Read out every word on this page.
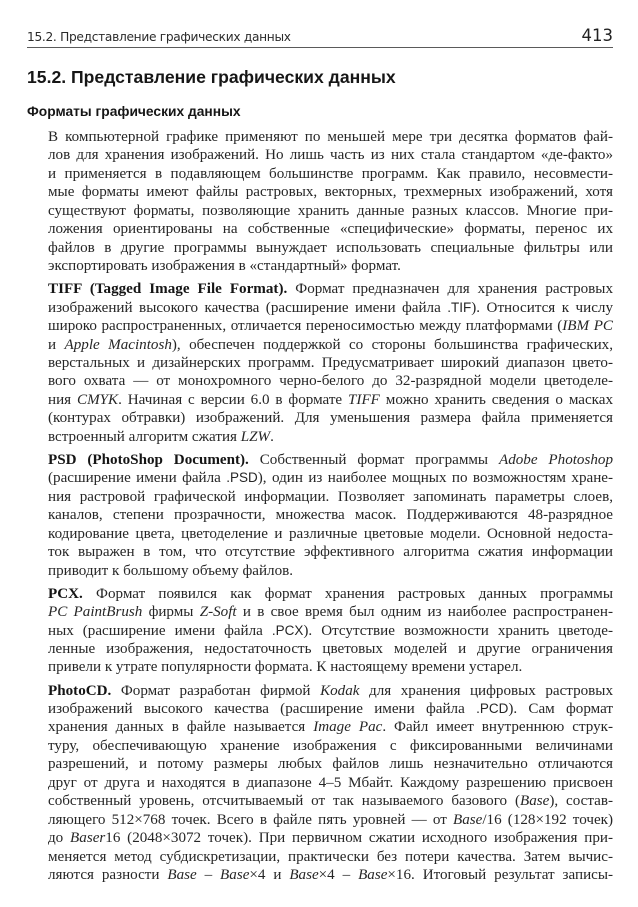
15.2. Представление графических данных	413
15.2. Представление графических данных
Форматы графических данных

В компьютерной графике применяют по меньшей мере три десятка форматов фай-
лов для хранения изображений. Но лишь часть из них стала стандартом «де-факто»
и применяется в подавляющем большинстве программ. Как правило, несовмести-
мые форматы имеют файлы растровых, векторных, трехмерных изображений, хотя
существуют форматы, позволяющие хранить данные разных классов. Многие при-
ложения ориентированы на собственные «специфические» форматы, перенос их
файлов в другие программы вынуждает использовать специальные фильтры или
экспортировать изображения в «стандартный» формат.

TIFF (Tagged Image File Format). Формат предназначен для хранения растровых
изображений высокого качества (расширение имени файла .TIF). Относится к числу
широко распространенных, отличается переносимостью между платформами (IBM PC
и Apple Macintosh), обеспечен поддержкой со стороны большинства графических,
верстальных и дизайнерских программ. Предусматривает широкий диапазон цвето-
вого охвата — от монохромного черно-белого до 32-разрядной модели цветоделе-
ния CMYK. Начиная с версии 6.0 в формате TIFF можно хранить сведения о масках
(контурах обтравки) изображений. Для уменьшения размера файла применяется
встроенный алгоритм сжатия LZW.

PSD (PhotoShop Document). Собственный формат программы Adobe Photoshop
(расширение имени файла .PSD), один из наиболее мощных по возможностям хране-
ния растровой графической информации. Позволяет запоминать параметры слоев,
каналов, степени прозрачности, множества масок. Поддерживаются 48-разрядное
кодирование цвета, цветоделение и различные цветовые модели. Основной недоста-
ток выражен в том, что отсутствие эффективного алгоритма сжатия информации
приводит к большому объему файлов.

PCX. Формат появился как формат хранения растровых данных программы
PC PaintBrush фирмы Z-Soft и в свое время был одним из наиболее распространен-
ных (расширение имени файла .PCX). Отсутствие возможности хранить цветоде-
ленные изображения, недостаточность цветовых моделей и другие ограничения
привели к утрате популярности формата. К настоящему времени устарел.

PhotoCD. Формат разработан фирмой Kodak для хранения цифровых растровых
изображений высокого качества (расширение имени файла .PCD). Сам формат
хранения данных в файле называется Image Pac. Файл имеет внутреннюю струк-
туру, обеспечивающую хранение изображения с фиксированными величинами
разрешений, и потому размеры любых файлов лишь незначительно отличаются
друг от друга и находятся в диапазоне 4–5 Мбайт. Каждому разрешению присвоен
собственный уровень, отсчитываемый от так называемого базового (Base), состав-
ляющего 512×768 точек. Всего в файле пять уровней — от Base/16 (128×192 точек)
до Baser16 (2048×3072 точек). При первичном сжатии исходного изображения при-
меняется метод субдискретизации, практически без потери качества. Затем вычис-
ляются разности Base – Base×4 и Base×4 – Base×16. Итоговый результат записы-
